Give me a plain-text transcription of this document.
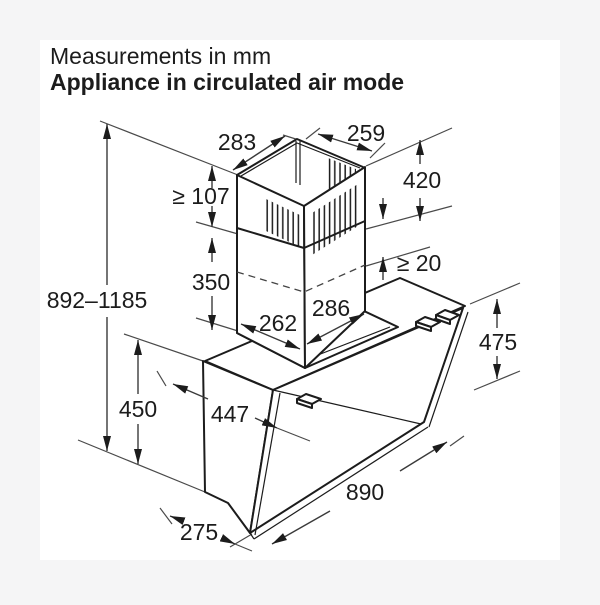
Measurements in mm
Appliance in circulated air mode
283	259
420
≥ 107
350
≥ 20
892–1185
262
286
450 447
475
890
275
